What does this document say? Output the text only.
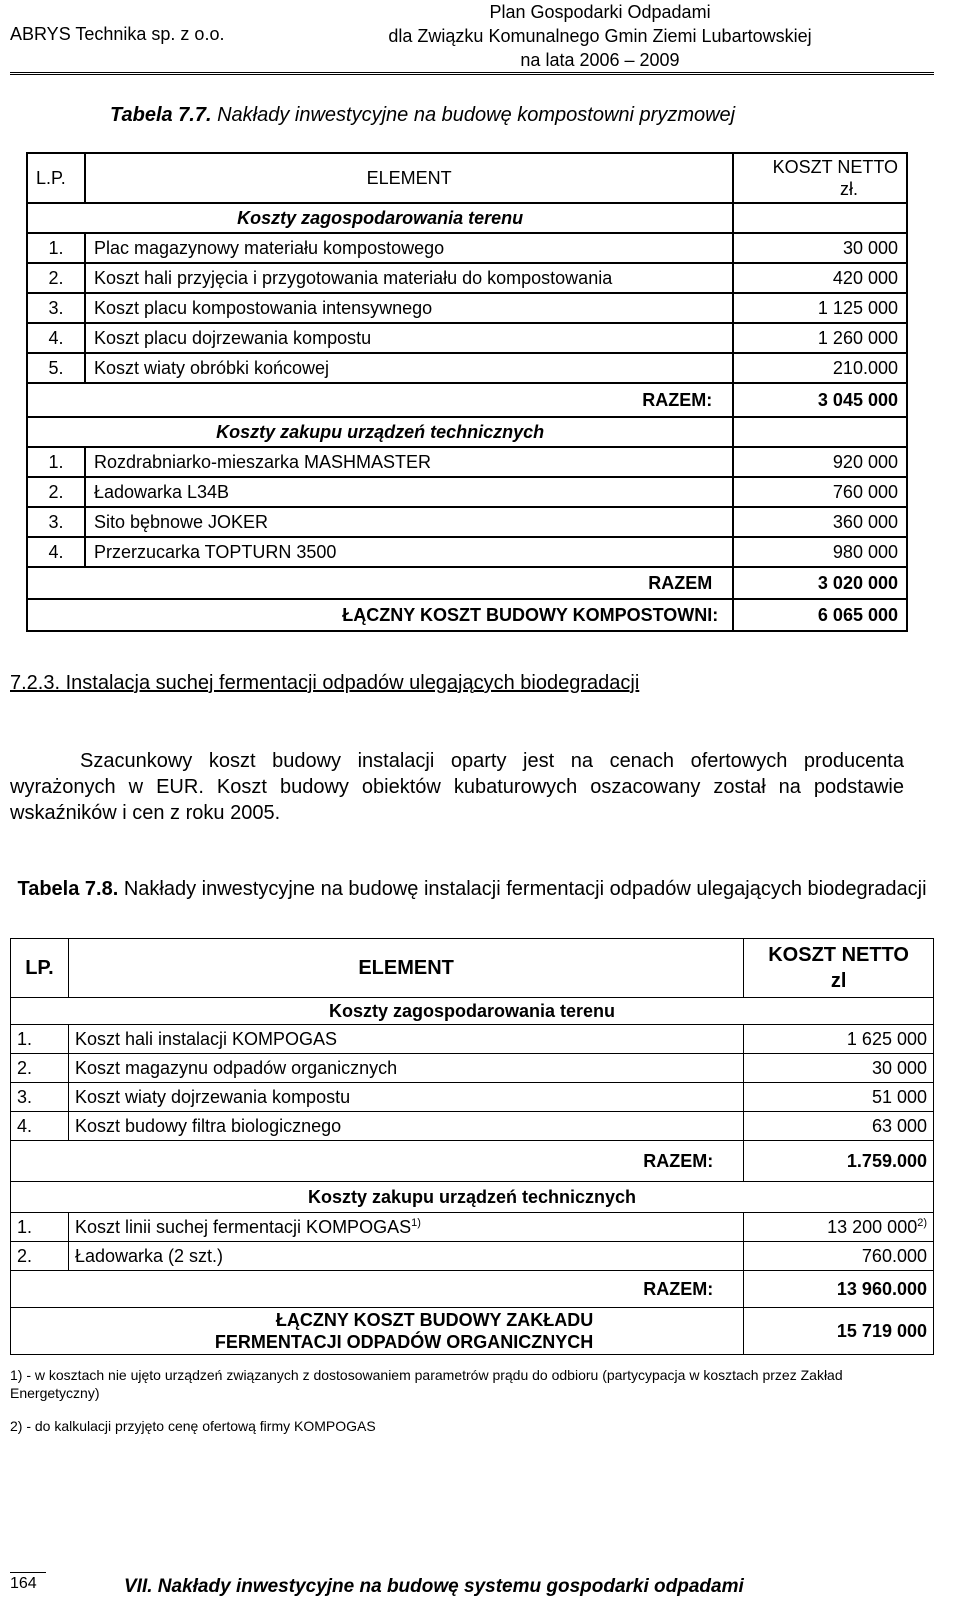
ABRYS Technika sp. z o.o.
Plan Gospodarki Odpadami
dla Związku Komunalnego Gmin Ziemi Lubartowskiej
na lata 2006 – 2009
Tabela 7.7. Nakłady inwestycyjne na budowę kompostowni pryzmowej
L.P.	ELEMENT	KOSZT NETTO
zł.

Koszty zagospodarowania terenu		
1.	Plac magazynowy materiału kompostowego	30 000
2.	Koszt hali przyjęcia i przygotowania materiału do kompostowania	420 000
3.	Koszt placu kompostowania intensywnego	1 125 000
4.	Koszt placu dojrzewania kompostu	1 260 000
5.	Koszt wiaty obróbki końcowej	210.000
RAZEM:		3 045 000
Koszty zakupu urządzeń technicznych		
1.	Rozdrabniarko-mieszarka MASHMASTER	920 000
2.	Ładowarka L34B	760 000
3.	Sito bębnowe JOKER	360 000
4.	Przerzucarka TOPTURN 3500	980 000
RAZEM		3 020 000
ŁĄCZNY KOSZT BUDOWY KOMPOSTOWNI:		6 065 000
7.2.3. Instalacja suchej fermentacji odpadów ulegających biodegradacji
Szacunkowy koszt budowy instalacji oparty jest na cenach ofertowych producenta wyrażonych w EUR. Koszt budowy obiektów kubaturowych oszacowany został na podstawie wskaźników i cen z roku 2005.
Tabela 7.8. Nakłady inwestycyjne na budowę instalacji fermentacji odpadów ulegających biodegradacji
LP.	ELEMENT	KOSZT NETTO
zl

Koszty zagospodarowania terenu		
1.	Koszt hali instalacji KOMPOGAS	1 625 000
2.	Koszt magazynu odpadów organicznych	30 000
3.	Koszt wiaty dojrzewania kompostu	51 000
4.	Koszt budowy filtra biologicznego	63 000
RAZEM:		1.759.000
Koszty zakupu urządzeń technicznych		
1.	Koszt linii suchej fermentacji KOMPOGAS$^{1)}$	13 200 000$^{2)}$
2.	Ładowarka (2 szt.)	760.000
RAZEM:		13 960.000
ŁĄCZNY KOSZT BUDOWY ZAKŁADU FERMENTACJI ODPADÓW ORGANICZNYCH		15 719 000
1) - w kosztach nie ujęto urządzeń związanych z dostosowaniem parametrów prądu do odbioru (partycypacja w kosztach przez Zakład Energetyczny)
2) - do kalkulacji przyjęto cenę ofertową firmy KOMPOGAS
164	VII. Nakłady inwestycyjne na budowę systemu gospodarki odpadami
